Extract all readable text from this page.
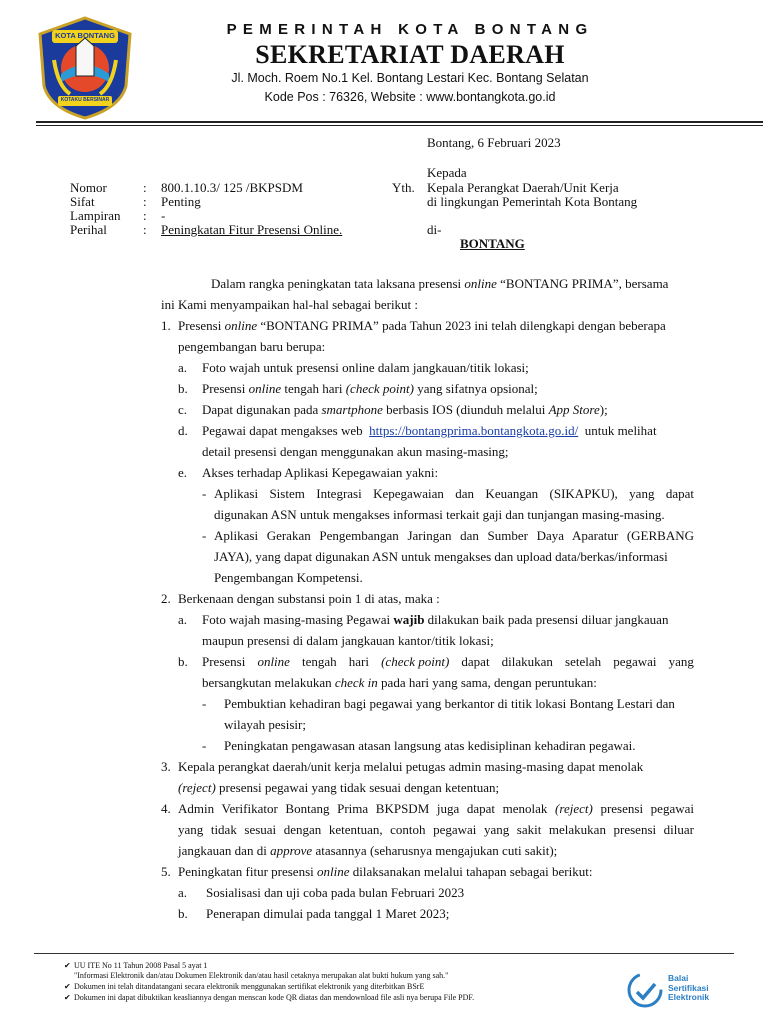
KOTA BONTANG
KOTAKU BERSINAR
PEMERINTAH KOTA BONTANG
SEKRETARIAT DAERAH
Jl. Moch. Roem No.1 Kel. Bontang Lestari Kec. Bontang Selatan
Kode Pos : 76326, Website : www.bontangkota.go.id
Bontang, 6 Februari 2023
Kepada
Nomor	: 800.1.10.3/ 125 /BKPSDM
Sifat	: Penting
Lampiran : -
Perihal	: Peningkatan Fitur Presensi Online.
Yth. Kepala Perangkat Daerah/Unit Kerja
di lingkungan Pemerintah Kota Bontang
di-
BONTANG
Dalam rangka peningkatan tata laksana presensi online “BONTANG PRIMA”, bersama
ini Kami menyampaikan hal-hal sebagai berikut :
1. Presensi online “BONTANG PRIMA” pada Tahun 2023 ini telah dilengkapi dengan beberapa
pengembangan baru berupa:
a. Foto wajah untuk presensi online dalam jangkauan/titik lokasi;
b. Presensi online tengah hari (check point) yang sifatnya opsional;
c. Dapat digunakan pada smartphone berbasis IOS (diunduh melalui App Store);
d. Pegawai dapat mengakses web https://bontangprima.bontangkota.go.id/ untuk melihat
detail presensi dengan menggunakan akun masing-masing;
e. Akses terhadap Aplikasi Kepegawaian yakni:
- Aplikasi Sistem Integrasi Kepegawaian dan Keuangan (SIKAPKU), yang dapat
digunakan ASN untuk mengakses informasi terkait gaji dan tunjangan masing-masing.
- Aplikasi Gerakan Pengembangan Jaringan dan Sumber Daya Aparatur (GERBANG
JAYA), yang dapat digunakan ASN untuk mengakses dan upload data/berkas/informasi
Pengembangan Kompetensi.
2. Berkenaan dengan substansi poin 1 di atas, maka :
a. Foto wajah masing-masing Pegawai wajib dilakukan baik pada presensi diluar jangkauan
maupun presensi di dalam jangkauan kantor/titik lokasi;
b. Presensi online tengah hari (check point) dapat dilakukan setelah pegawai yang
bersangkutan melakukan check in pada hari yang sama, dengan peruntukan:
- Pembuktian kehadiran bagi pegawai yang berkantor di titik lokasi Bontang Lestari dan
wilayah pesisir;
- Peningkatan pengawasan atasan langsung atas kedisiplinan kehadiran pegawai.
3. Kepala perangkat daerah/unit kerja melalui petugas admin masing-masing dapat menolak
(reject) presensi pegawai yang tidak sesuai dengan ketentuan;
4. Admin Verifikator Bontang Prima BKPSDM juga dapat menolak (reject) presensi pegawai
yang tidak sesuai dengan ketentuan, contoh pegawai yang sakit melakukan presensi diluar
jangkauan dan di approve atasannya (seharusnya mengajukan cuti sakit);
5. Peningkatan fitur presensi online dilaksanakan melalui tahapan sebagai berikut:
a. Sosialisasi dan uji coba pada bulan Februari 2023
b. Penerapan dimulai pada tanggal 1 Maret 2023;
✔ UU ITE No 11 Tahun 2008 Pasal 5 ayat 1
"Informasi Elektronik dan/atau Dokumen Elektronik dan/atau hasil cetaknya merupakan alat bukti hukum yang sah."
✔ Dokumen ini telah ditandatangani secara elektronik menggunakan sertifikat elektronik yang diterbitkan BSrE
✔ Dokumen ini dapat dibuktikan keasliannya dengan menscan kode QR diatas dan mendownload file asli nya berupa File PDF.
Balai
Sertifikasi
Elektronik
